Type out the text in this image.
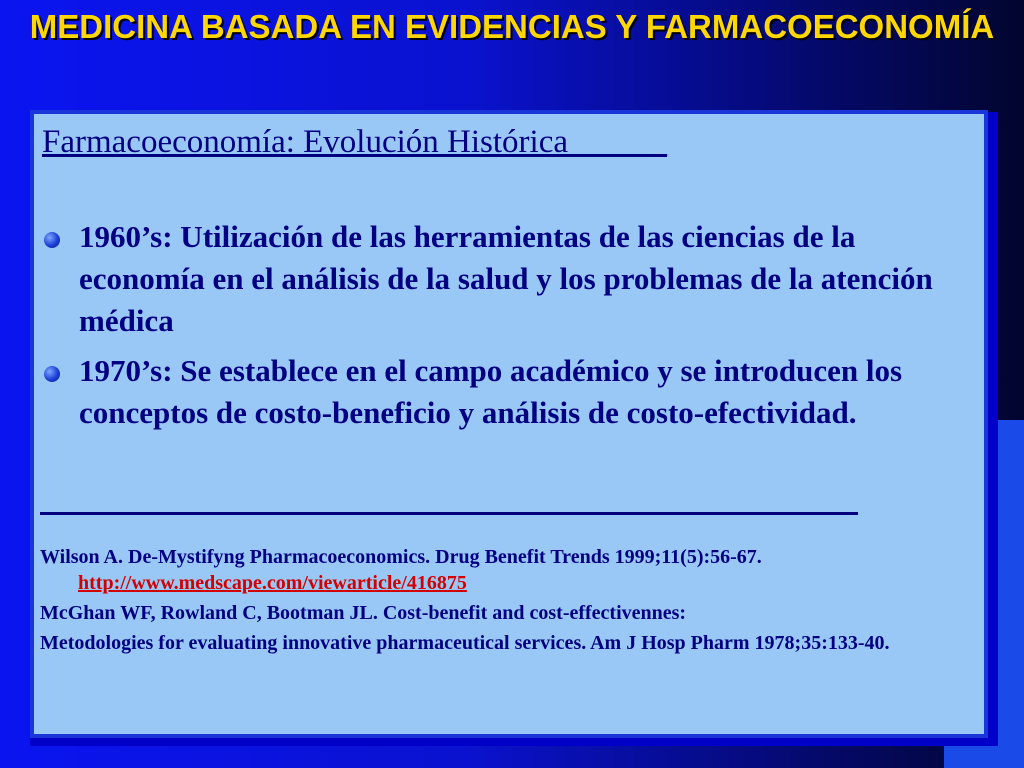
MEDICINA BASADA EN EVIDENCIAS Y FARMACOECONOMÍA
Farmacoeconomía: Evolución Histórica______
1960’s: Utilización de las herramientas de las ciencias de la economía en el análisis de la salud y los problemas de la atención médica
1970’s: Se establece en el campo académico y se introducen los conceptos de costo-beneficio y análisis de costo-efectividad.
Wilson A. De-Mystifyng Pharmacoeconomics. Drug Benefit Trends 1999;11(5):56-67. http://www.medscape.com/viewarticle/416875
McGhan WF, Rowland C, Bootman JL. Cost-benefit and cost-effectivennes:
Metodologies for evaluating innovative pharmaceutical services. Am J Hosp Pharm 1978;35:133-40.
